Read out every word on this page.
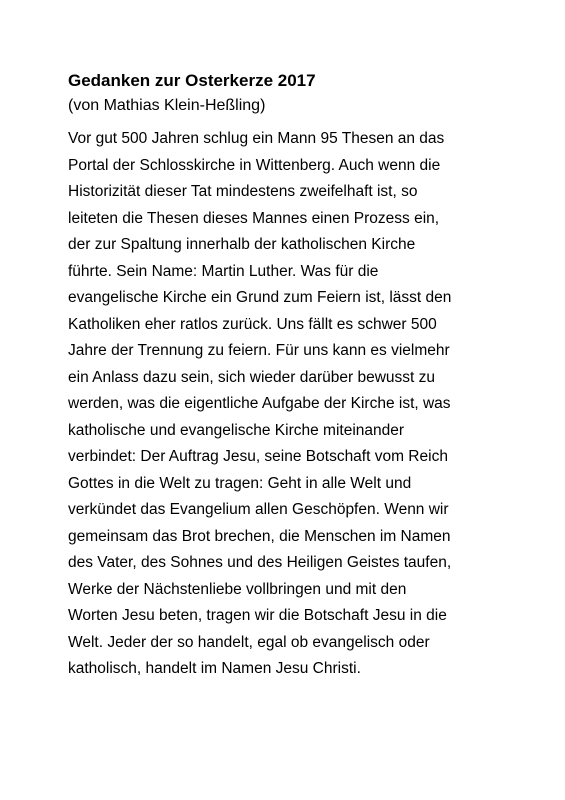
Gedanken zur Osterkerze 2017

(von Mathias Klein-Heßling)

Vor gut 500 Jahren schlug ein Mann 95 Thesen an das
Portal der Schlosskirche in Wittenberg. Auch wenn die
Historizität dieser Tat mindestens zweifelhaft ist, so
leiteten die Thesen dieses Mannes einen Prozess ein,
der zur Spaltung innerhalb der katholischen Kirche
führte. Sein Name: Martin Luther. Was für die
evangelische Kirche ein Grund zum Feiern ist, lässt den
Katholiken eher ratlos zurück. Uns fällt es schwer 500
Jahre der Trennung zu feiern. Für uns kann es vielmehr
ein Anlass dazu sein, sich wieder darüber bewusst zu
werden, was die eigentliche Aufgabe der Kirche ist, was
katholische und evangelische Kirche miteinander
verbindet: Der Auftrag Jesu, seine Botschaft vom Reich
Gottes in die Welt zu tragen: Geht in alle Welt und
verkündet das Evangelium allen Geschöpfen. Wenn wir
gemeinsam das Brot brechen, die Menschen im Namen
des Vater, des Sohnes und des Heiligen Geistes taufen,
Werke der Nächstenliebe vollbringen und mit den
Worten Jesu beten, tragen wir die Botschaft Jesu in die
Welt. Jeder der so handelt, egal ob evangelisch oder
katholisch, handelt im Namen Jesu Christi.
